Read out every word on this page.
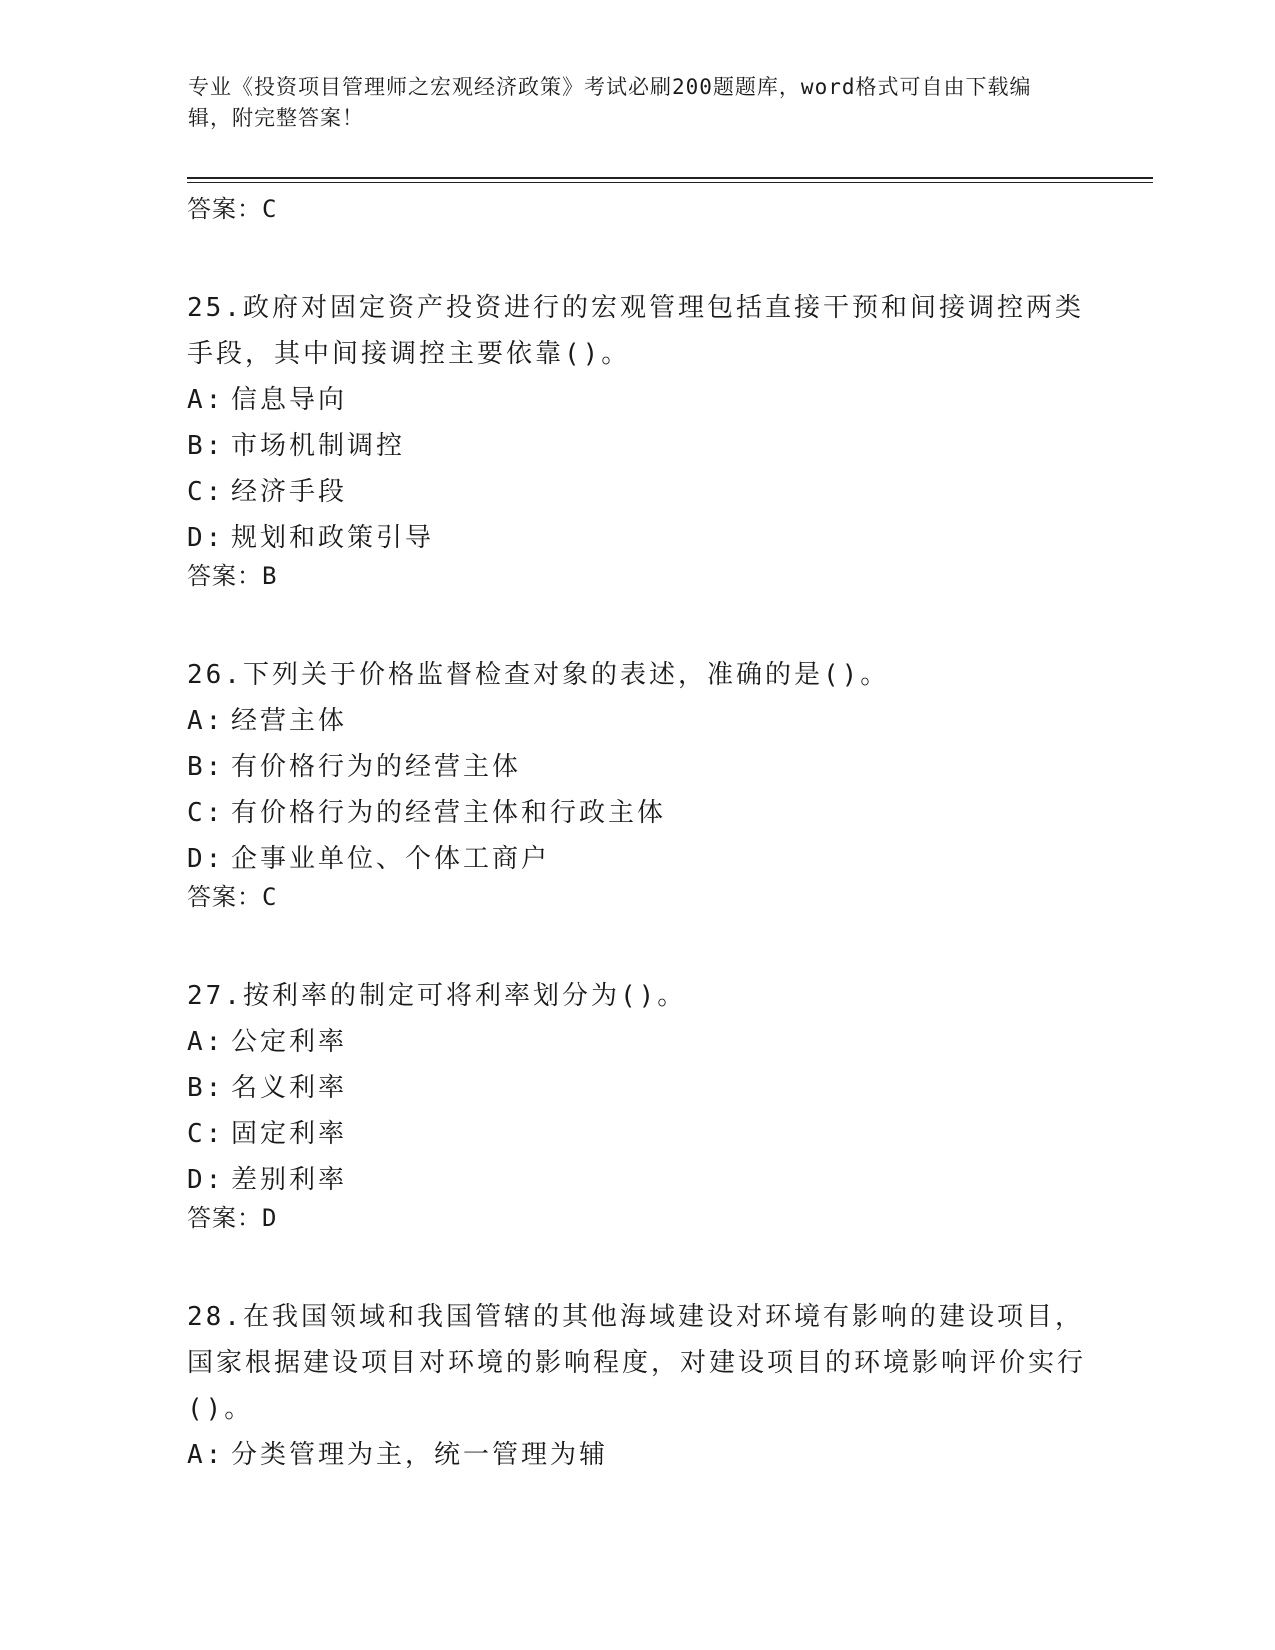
专业《投资项目管理师之宏观经济政策》考试必刷200题题库，word格式可自由下载编辑，附完整答案！
答案：C

25.政府对固定资产投资进行的宏观管理包括直接干预和间接调控两类手段，其中间接调控主要依靠()。

A: 信息导向
B: 市场机制调控
C: 经济手段
D: 规划和政策引导
答案：B

26.下列关于价格监督检查对象的表述，准确的是()。

A: 经营主体
B: 有价格行为的经营主体
C: 有价格行为的经营主体和行政主体
D: 企事业单位、个体工商户
答案：C

27.按利率的制定可将利率划分为()。

A: 公定利率
B: 名义利率
C: 固定利率
D: 差别利率
答案：D

28.在我国领域和我国管辖的其他海域建设对环境有影响的建设项目，国家根据建设项目对环境的影响程度，对建设项目的环境影响评价实行()。

A: 分类管理为主，统一管理为辅
